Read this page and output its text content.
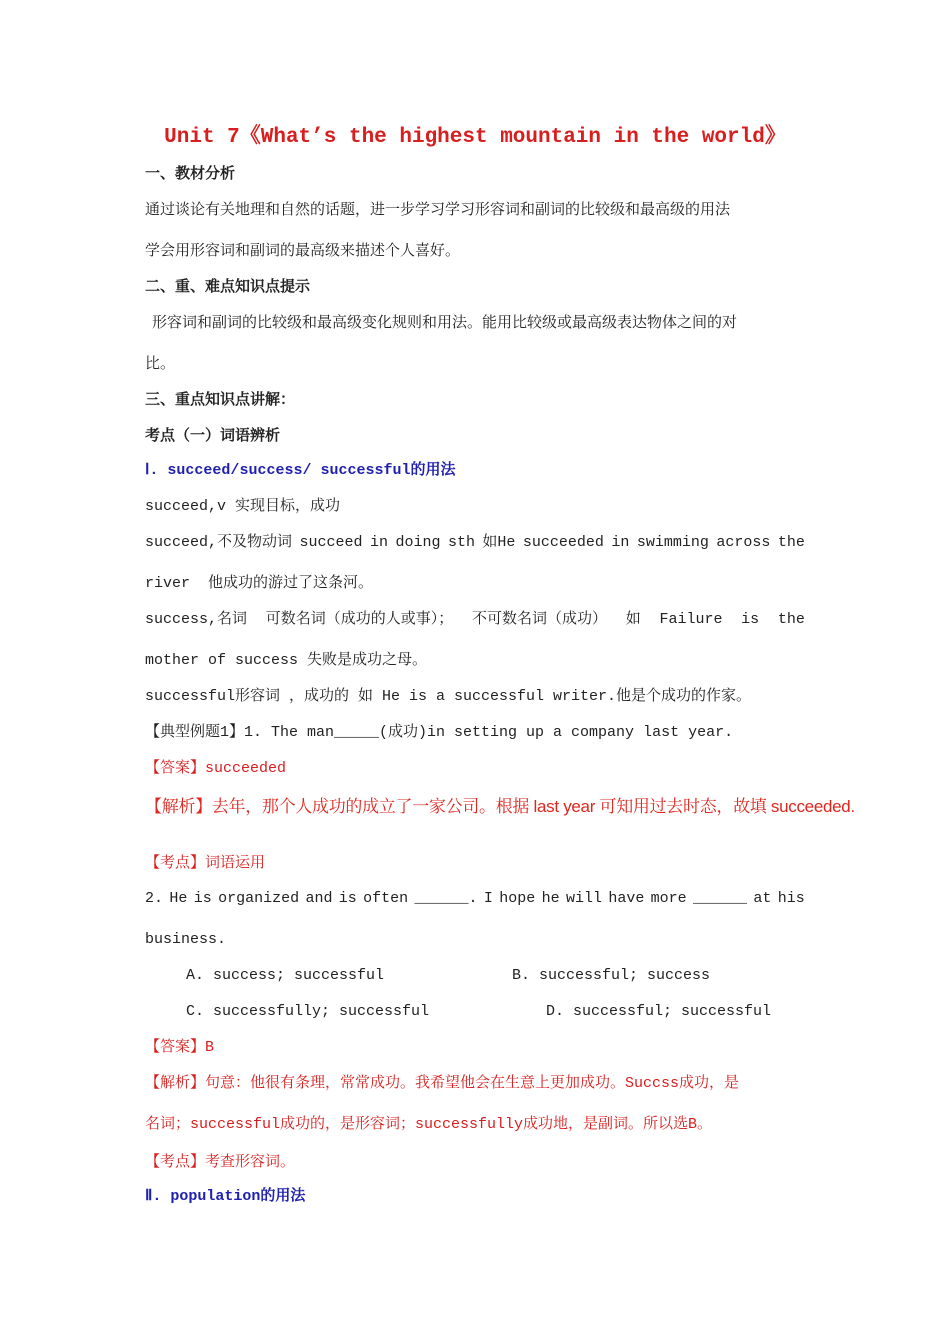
Unit 7《What’s the highest mountain in the world》
一、教材分析
通过谈论有关地理和自然的话题，进一步学习学习形容词和副词的比较级和最高级的用法
学会用形容词和副词的最高级来描述个人喜好。
二、重、难点知识点提示
形容词和副词的比较级和最高级变化规则和用法。能用比较级或最高级表达物体之间的对
比。
三、重点知识点讲解：
考点（一）词语辨析
Ⅰ. succeed/success/ successful的用法
succeed,v 实现目标，成功
succeed,不及物动词 succeed in doing sth 如He succeeded in swimming across the
river  他成功的游过了这条河。
success,名词 可数名词（成功的人或事）； 不可数名词（成功） 如 Failure is the
mother of success 失败是成功之母。
successful形容词 ，成功的 如 He is a successful writer.他是个成功的作家。
【典型例题1】1. The man_____(成功)in setting up a company last year.
【答案】succeeded
【解析】去年，那个人成功的成立了一家公司。根据 last year 可知用过去时态，故填 succeeded.
【考点】词语运用
2. He is organized and is often ______. I hope he will have more ______ at his
business.
A. success; successful	B. successful; success
C. successfully; successful	D. successful; successful
【答案】B
【解析】句意：他很有条理，常常成功。我希望他会在生意上更加成功。Succss成功，是
名词；successful成功的，是形容词；successfully成功地，是副词。所以选B。
【考点】考查形容词。
Ⅱ. population的用法
